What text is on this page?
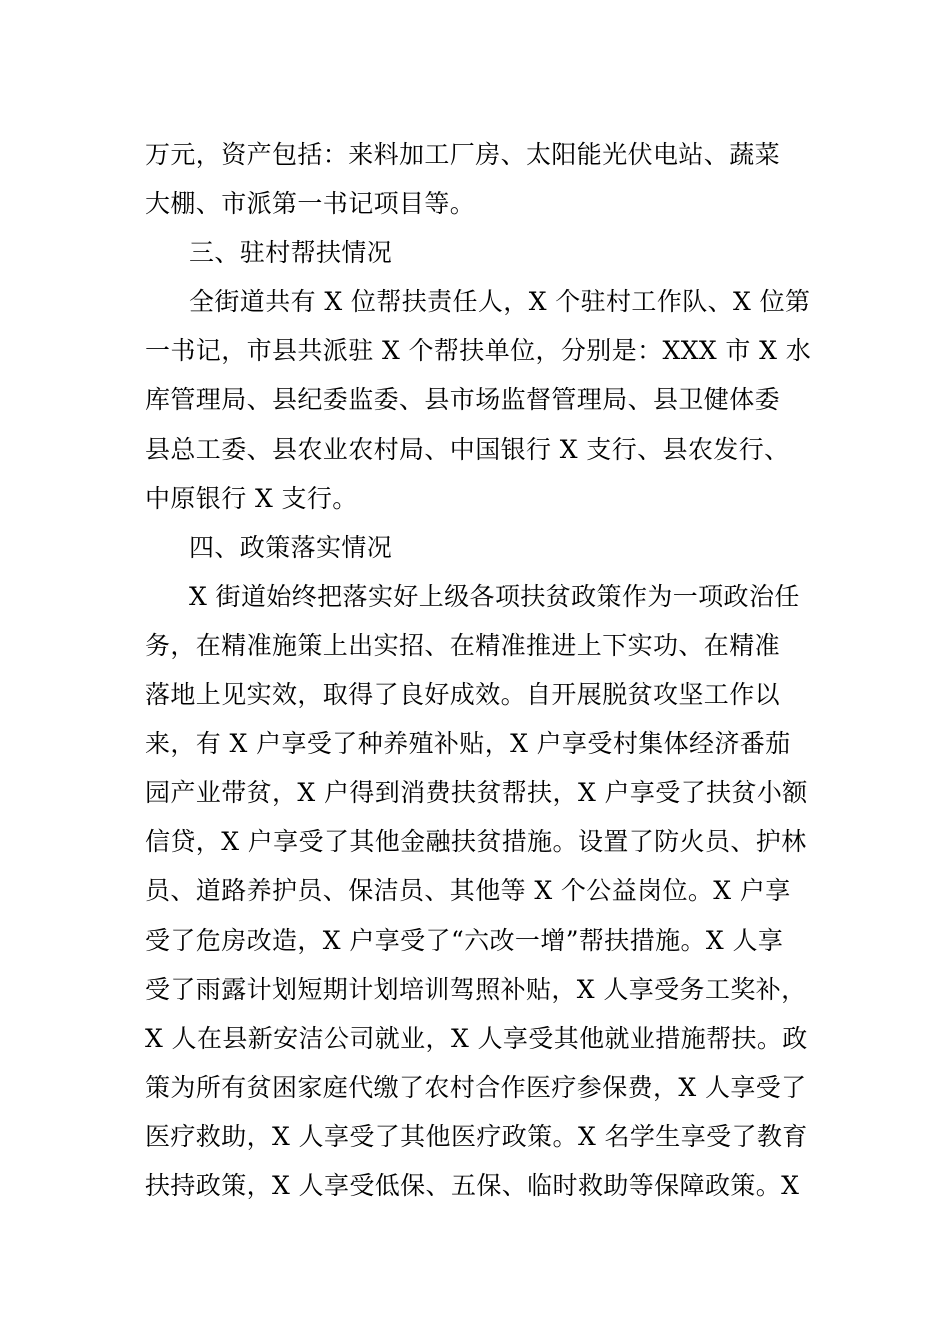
万元，资产包括：来料加工厂房、太阳能光伏电站、蔬菜
大棚、市派第一书记项目等。
三、驻村帮扶情况
全街道共有 X 位帮扶责任人，X 个驻村工作队、X 位第
一书记，市县共派驻 X 个帮扶单位，分别是：XXX 市 X 水
库管理局、县纪委监委、县市场监督管理局、县卫健体委
县总工委、县农业农村局、中国银行 X 支行、县农发行、
中原银行 X 支行。
四、政策落实情况
X 街道始终把落实好上级各项扶贫政策作为一项政治任
务，在精准施策上出实招、在精准推进上下实功、在精准
落地上见实效，取得了良好成效。自开展脱贫攻坚工作以
来，有 X 户享受了种养殖补贴，X 户享受村集体经济番茄
园产业带贫，X 户得到消费扶贫帮扶，X 户享受了扶贫小额
信贷，X 户享受了其他金融扶贫措施。设置了防火员、护林
员、道路养护员、保洁员、其他等 X 个公益岗位。X 户享
受了危房改造，X 户享受了“六改一增”帮扶措施。X 人享
受了雨露计划短期计划培训驾照补贴，X 人享受务工奖补，
X 人在县新安洁公司就业，X 人享受其他就业措施帮扶。政
策为所有贫困家庭代缴了农村合作医疗参保费，X 人享受了
医疗救助，X 人享受了其他医疗政策。X 名学生享受了教育
扶持政策，X 人享受低保、五保、临时救助等保障政策。X
